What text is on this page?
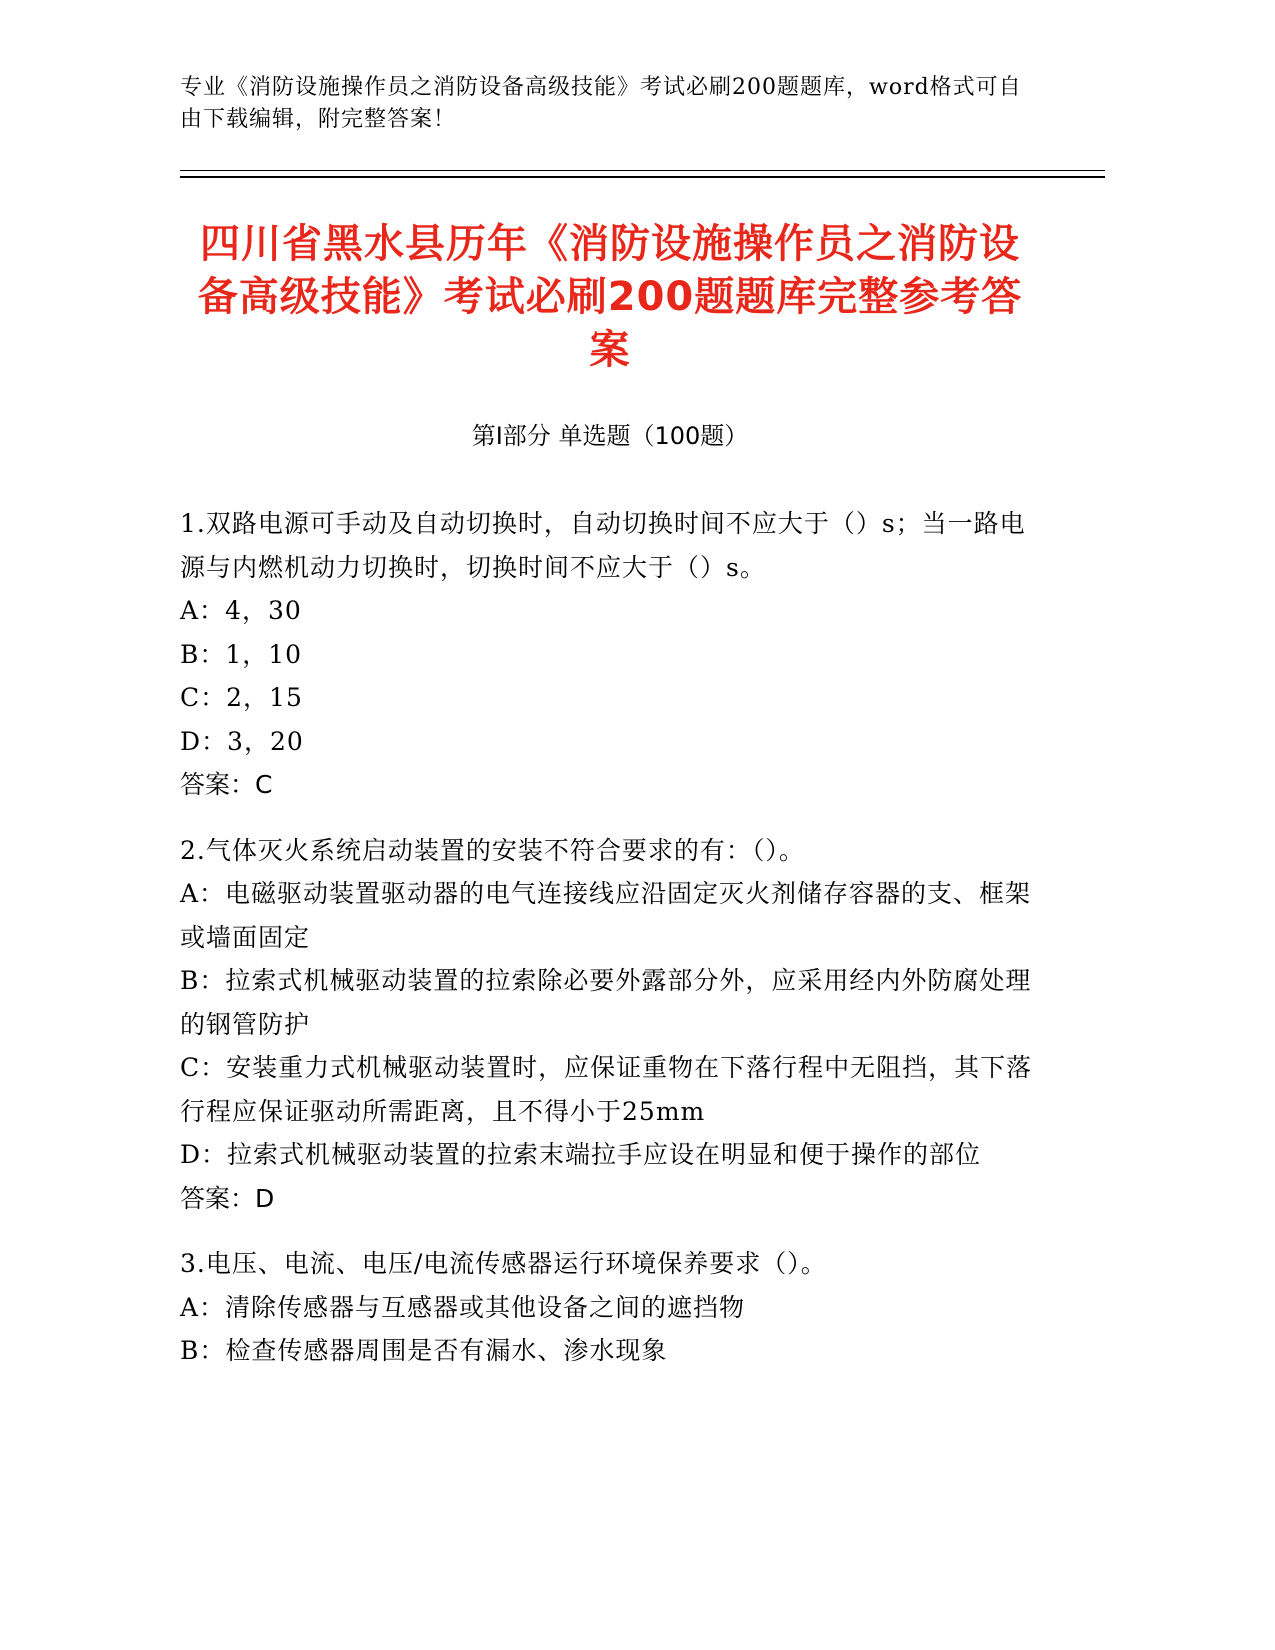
专业《消防设施操作员之消防设备高级技能》考试必刷200题题库，word格式可自由下载编辑，附完整答案！
四川省黑水县历年《消防设施操作员之消防设备高级技能》考试必刷200题题库完整参考答案
第Ⅰ部分 单选题（100题）
1.双路电源可手动及自动切换时，自动切换时间不应大于（）s；当一路电源与内燃机动力切换时，切换时间不应大于（）s。
A：4，30
B：1，10
C：2，15
D：3，20
答案：C
2.气体灭火系统启动装置的安装不符合要求的有：（）。
A：电磁驱动装置驱动器的电气连接线应沿固定灭火剂储存容器的支、框架或墙面固定
B：拉索式机械驱动装置的拉索除必要外露部分外，应采用经内外防腐处理的钢管防护
C：安装重力式机械驱动装置时，应保证重物在下落行程中无阻挡，其下落行程应保证驱动所需距离，且不得小于25mm
D：拉索式机械驱动装置的拉索末端拉手应设在明显和便于操作的部位
答案：D
3.电压、电流、电压/电流传感器运行环境保养要求（）。
A：清除传感器与互感器或其他设备之间的遮挡物
B：检查传感器周围是否有漏水、渗水现象
